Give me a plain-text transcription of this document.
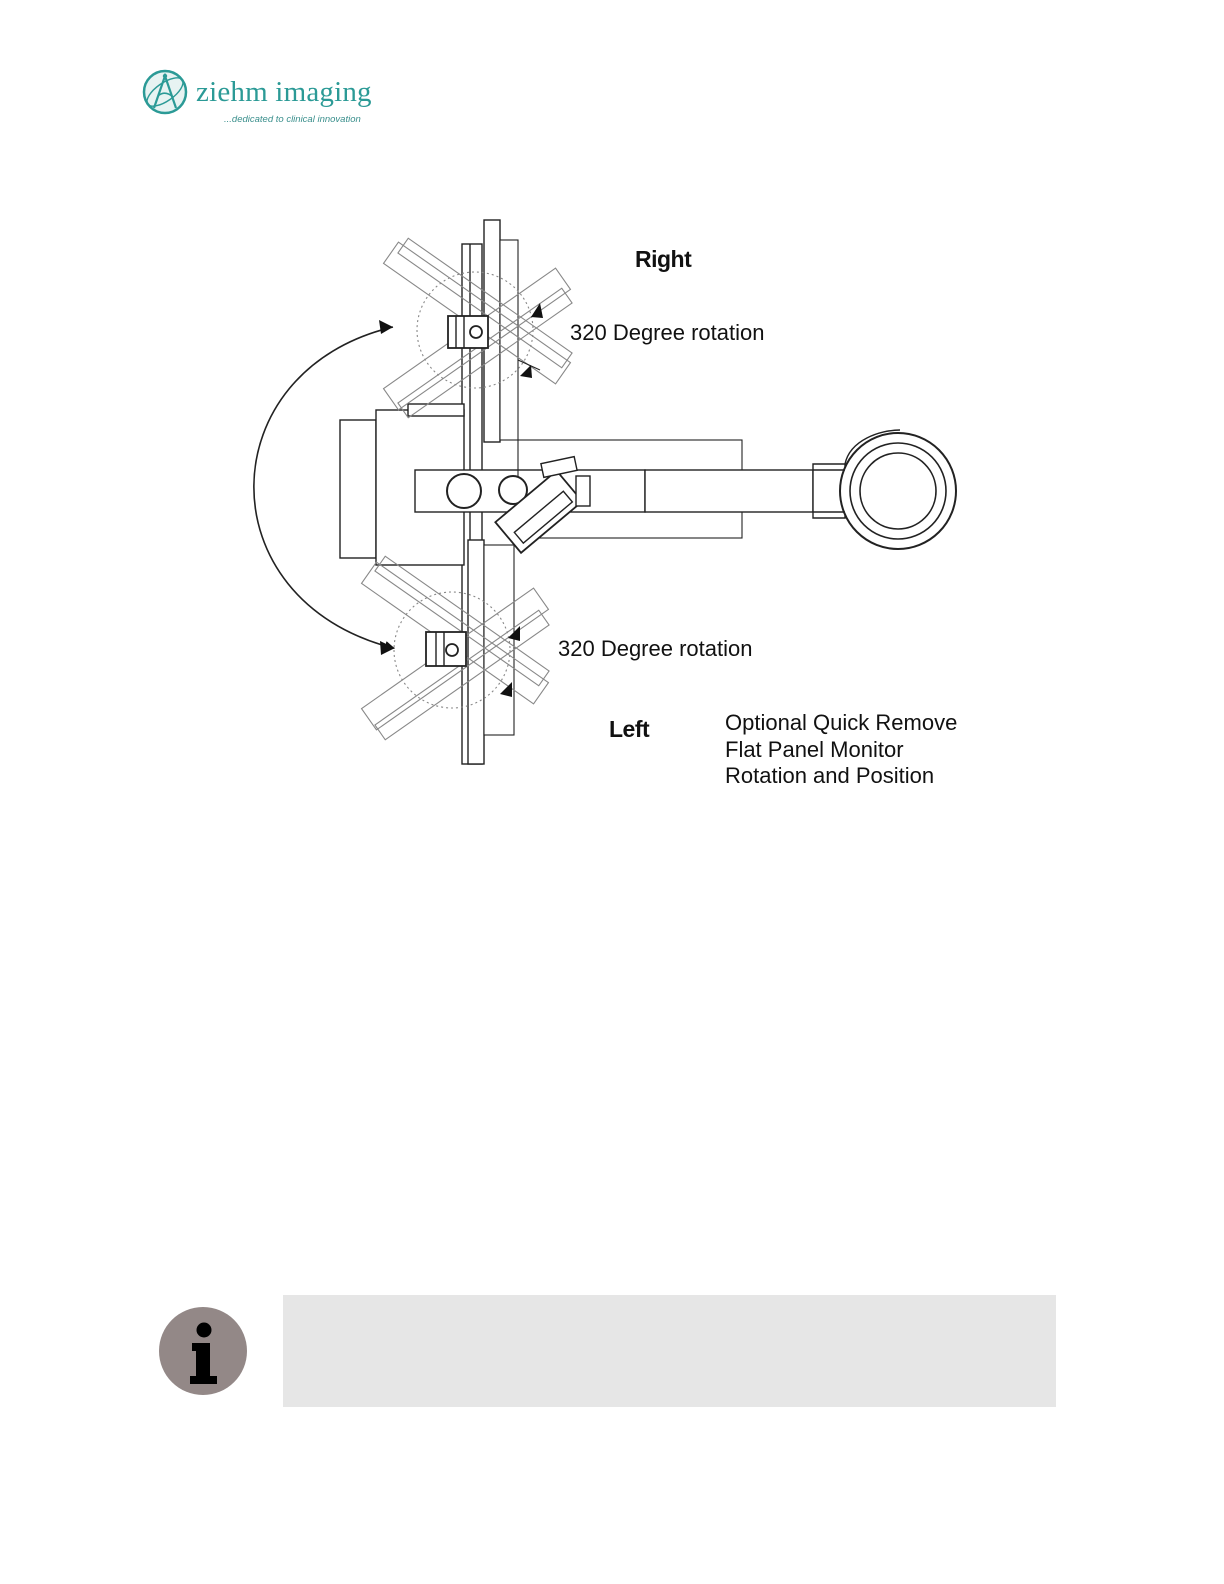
ziehm imaging
...dedicated to clinical innovation
Right
320 Degree rotation
320 Degree rotation
Left	Optional Quick Remove
Flat Panel Monitor
Rotation and Position
